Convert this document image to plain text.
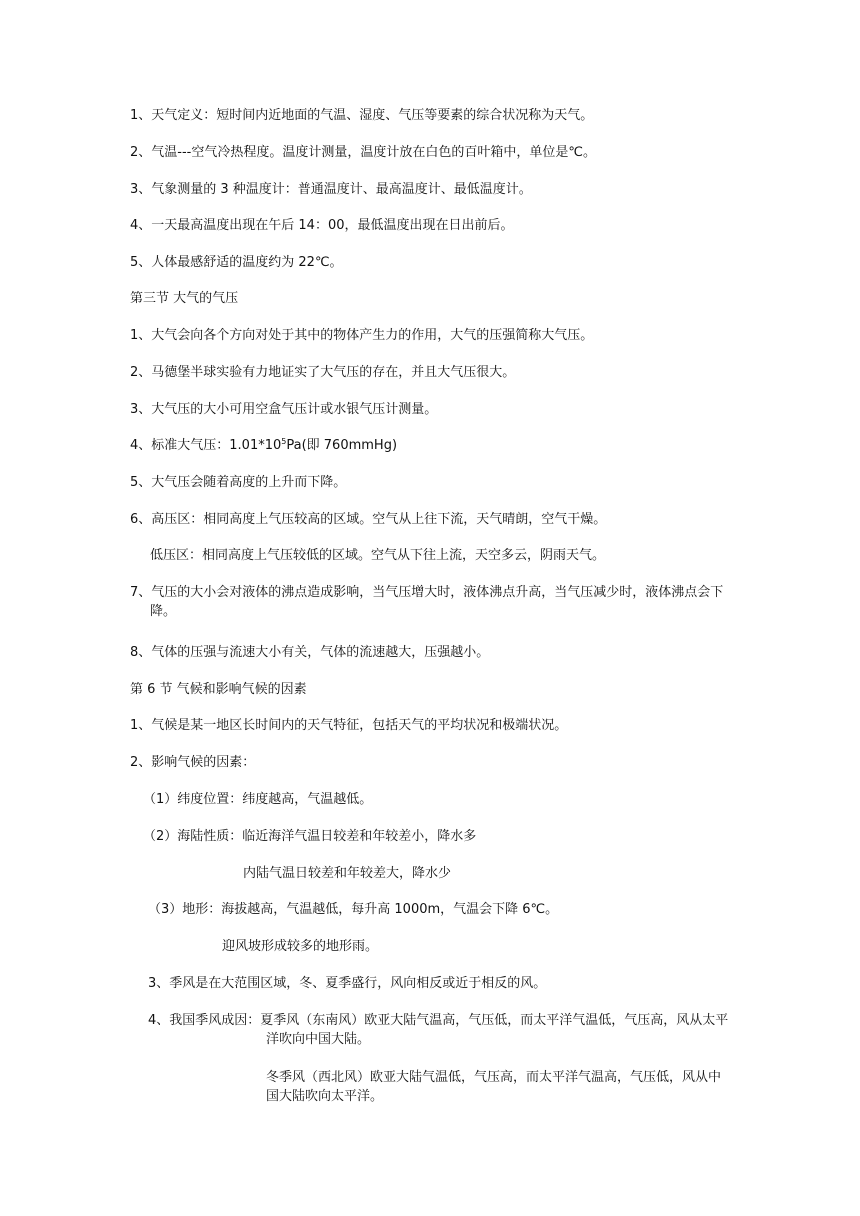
1、天气定义：短时间内近地面的气温、湿度、气压等要素的综合状况称为天气。
2、气温---空气冷热程度。温度计测量，温度计放在白色的百叶箱中，单位是℃。
3、气象测量的 3 种温度计：普通温度计、最高温度计、最低温度计。
4、一天最高温度出现在午后 14：00，最低温度出现在日出前后。
5、人体最感舒适的温度约为 22℃。
第三节 大气的气压
1、大气会向各个方向对处于其中的物体产生力的作用，大气的压强简称大气压。
2、马德堡半球实验有力地证实了大气压的存在，并且大气压很大。
3、大气压的大小可用空盒气压计或水银气压计测量。
4、标准大气压：$1.01*10^5Pa$(即 760mmHg)
5、大气压会随着高度的上升而下降。
6、高压区：相同高度上气压较高的区域。空气从上往下流，天气晴朗，空气干燥。
低压区：相同高度上气压较低的区域。空气从下往上流，天空多云，阴雨天气。
7、气压的大小会对液体的沸点造成影响，当气压增大时，液体沸点升高，当气压减少时，液体沸点会下
降。
8、气体的压强与流速大小有关，气体的流速越大，压强越小。
第 6 节 气候和影响气候的因素
1、气候是某一地区长时间内的天气特征，包括天气的平均状况和极端状况。
2、影响气候的因素：
（1）纬度位置：纬度越高，气温越低。
（2）海陆性质：临近海洋气温日较差和年较差小，降水多
内陆气温日较差和年较差大，降水少
（3）地形：海拔越高，气温越低，每升高 1000m，气温会下降 6℃。
迎风坡形成较多的地形雨。
3、季风是在大范围区域，冬、夏季盛行，风向相反或近于相反的风。
4、我国季风成因：夏季风（东南风）欧亚大陆气温高，气压低，而太平洋气温低，气压高，风从太平
洋吹向中国大陆。
冬季风（西北风）欧亚大陆气温低，气压高，而太平洋气温高，气压低，风从中
国大陆吹向太平洋。
